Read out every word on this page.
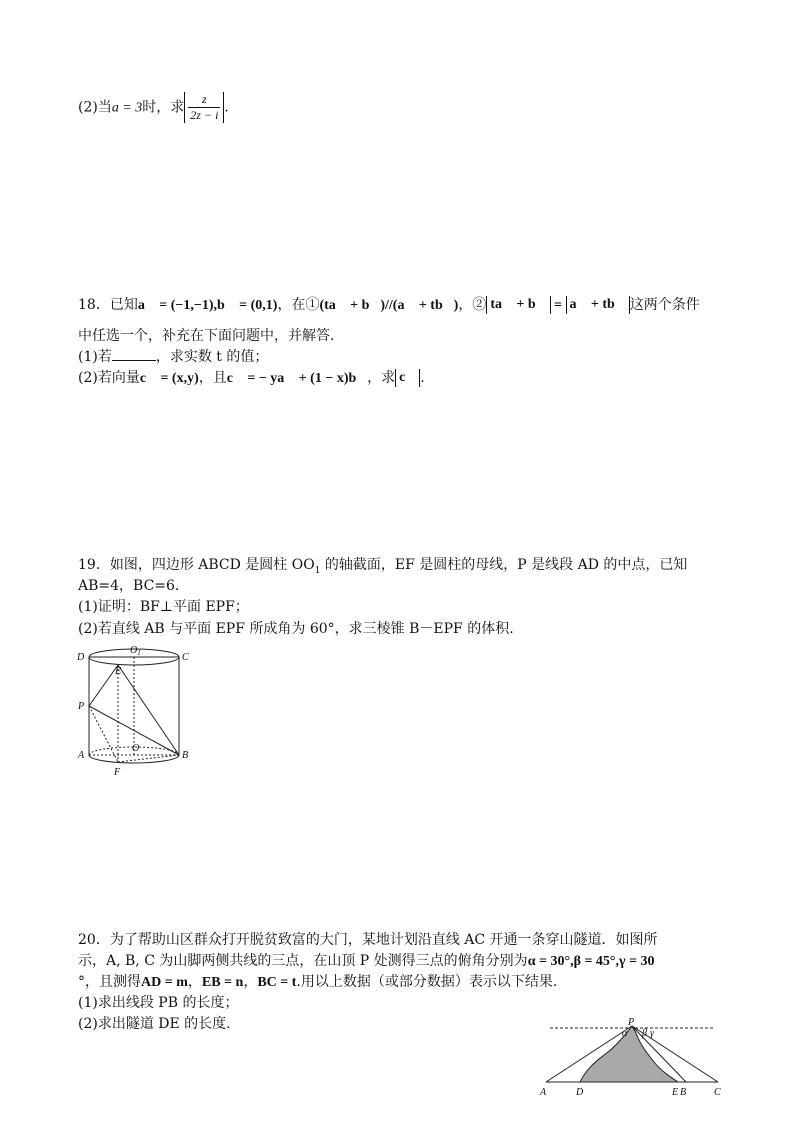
(2)当a = 3时，求 $\frac{z}{2z - i}$ .
18．已知a⃗ = (−1,−1),b⃗ = (0,1)，在①(ta⃗ + b⃗)//(a⃗ + tb⃗)，② ta⃗ + b⃗ = a⃗ + tb⃗ 这两个条件
中任选一个，补充在下面问题中，并解答.
(1)若	，求实数 t 的值；
(2)若向量c⃗ = (x,y)，且c⃗ = − ya⃗ + (1 − x)b⃗，求 c⃗ .
19．如图，四边形 ABCD 是圆柱 $OO_1$ 的轴截面，EF 是圆柱的母线，P 是线段 AD 的中点，已知
AB=4，BC=6.
(1)证明：BF⊥平面 EPF；
(2)若直线 AB 与平面 EPF 所成角为 60°，求三棱锥 B－EPF 的体积.
D
$O_1$	C
E
P
O
A	B
F
20．为了帮助山区群众打开脱贫致富的大门，某地计划沿直线 AC 开通一条穿山隧道．如图所
示，A, B, C 为山脚两侧共线的三点，在山顶 P 处测得三点的俯角分别为α = 30°,β = 45°,γ = 30
°，且测得AD = m，EB = n，BC = t.用以上数据（或部分数据）表示以下结果.
(1)求出线段 PB 的长度；
(2)求出隧道 DE 的长度.	P
α β γ
A	D	E B	C
